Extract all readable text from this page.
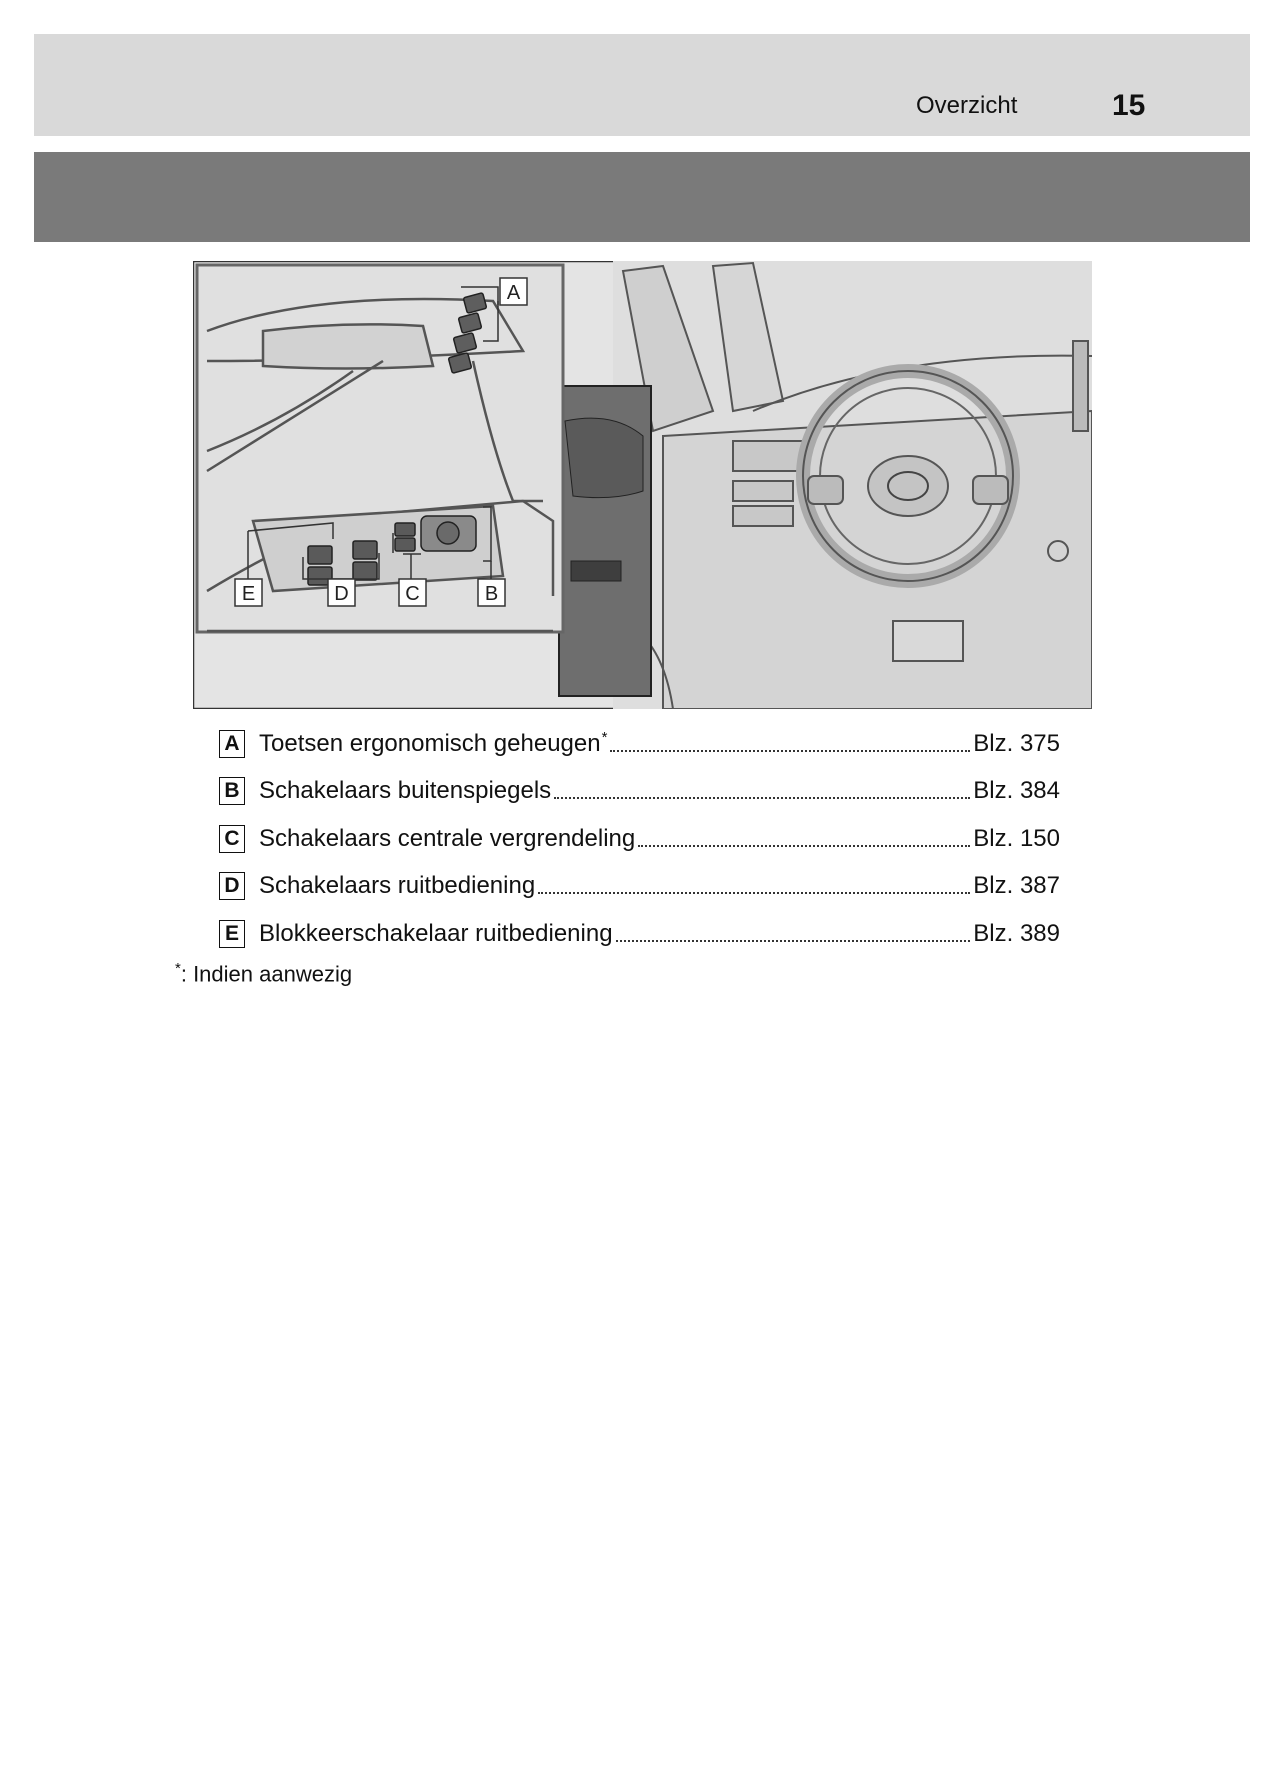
Overzicht	15
A
B
C
D
E
A Toetsen ergonomisch geheugen*	Blz. 375
B Schakelaars buitenspiegels	Blz. 384
C Schakelaars centrale vergrendeling	Blz. 150
D Schakelaars ruitbediening	Blz. 387
E Blokkeerschakelaar ruitbediening	Blz. 389
*: Indien aanwezig
